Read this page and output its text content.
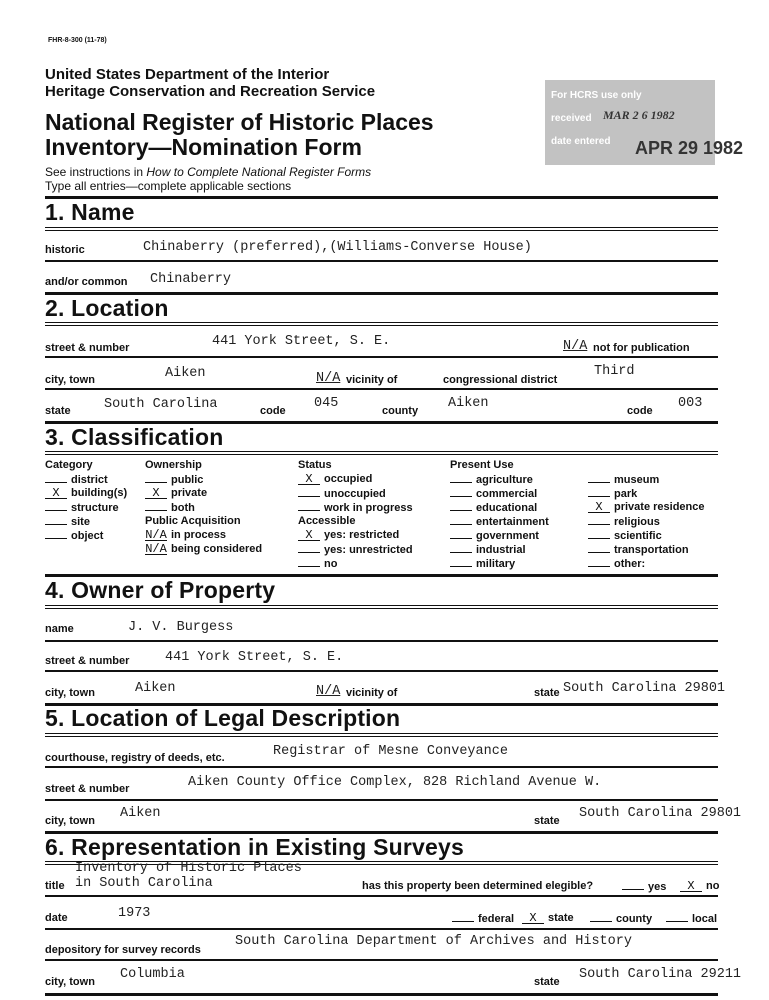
FHR-8-300 (11-78)
United States Department of the Interior
Heritage Conservation and Recreation Service
National Register of Historic Places
Inventory—Nomination Form
See instructions in How to Complete National Register Forms
Type all entries—complete applicable sections
For HCRS use only
received MAR 2 6 1982
date entered APR 29 1982
1. Name
historic	Chinaberry (preferred),(Williams-Converse House)
and/or common Chinaberry
2. Location
street & number	441 York Street, S. E.	N/A not for publication
city, town	Aiken	N/A vicinity of	congressional district
Third
state South Carolina	code 045	county Aiken	code 003
3. Classification
Category
district
X building(s)
structure
site
object
Ownership
public
X private
both
Public Acquisition
N/A in process
N/A being considered
Status
X occupied
unoccupied
work in progress
Accessible
X yes: restricted
yes: unrestricted
no
Present Use
agriculture
commercial
educational
entertainment
government
industrial
military
museum
park
X private residence
religious
scientific
transportation
other:
4. Owner of Property
name	J. V. Burgess
street & number	441 York Street, S. E.
city, town	Aiken	N/A vicinity of	state South Carolina 29801
5. Location of Legal Description
courthouse, registry of deeds, etc.	Registrar of Mesne Conveyance
street & number	Aiken County Office Complex, 828 Richland Avenue W.
city, town Aiken	state South Carolina 29801
6. Representation in Existing Surveys
Inventory of Historic Places
title in South Carolina	has this property been determined elegible?	yes	X no
date	1973	federal	X state	county	local
depository for survey records
South Carolina Department of Archives and History
city, town Columbia	state South Carolina 29211
